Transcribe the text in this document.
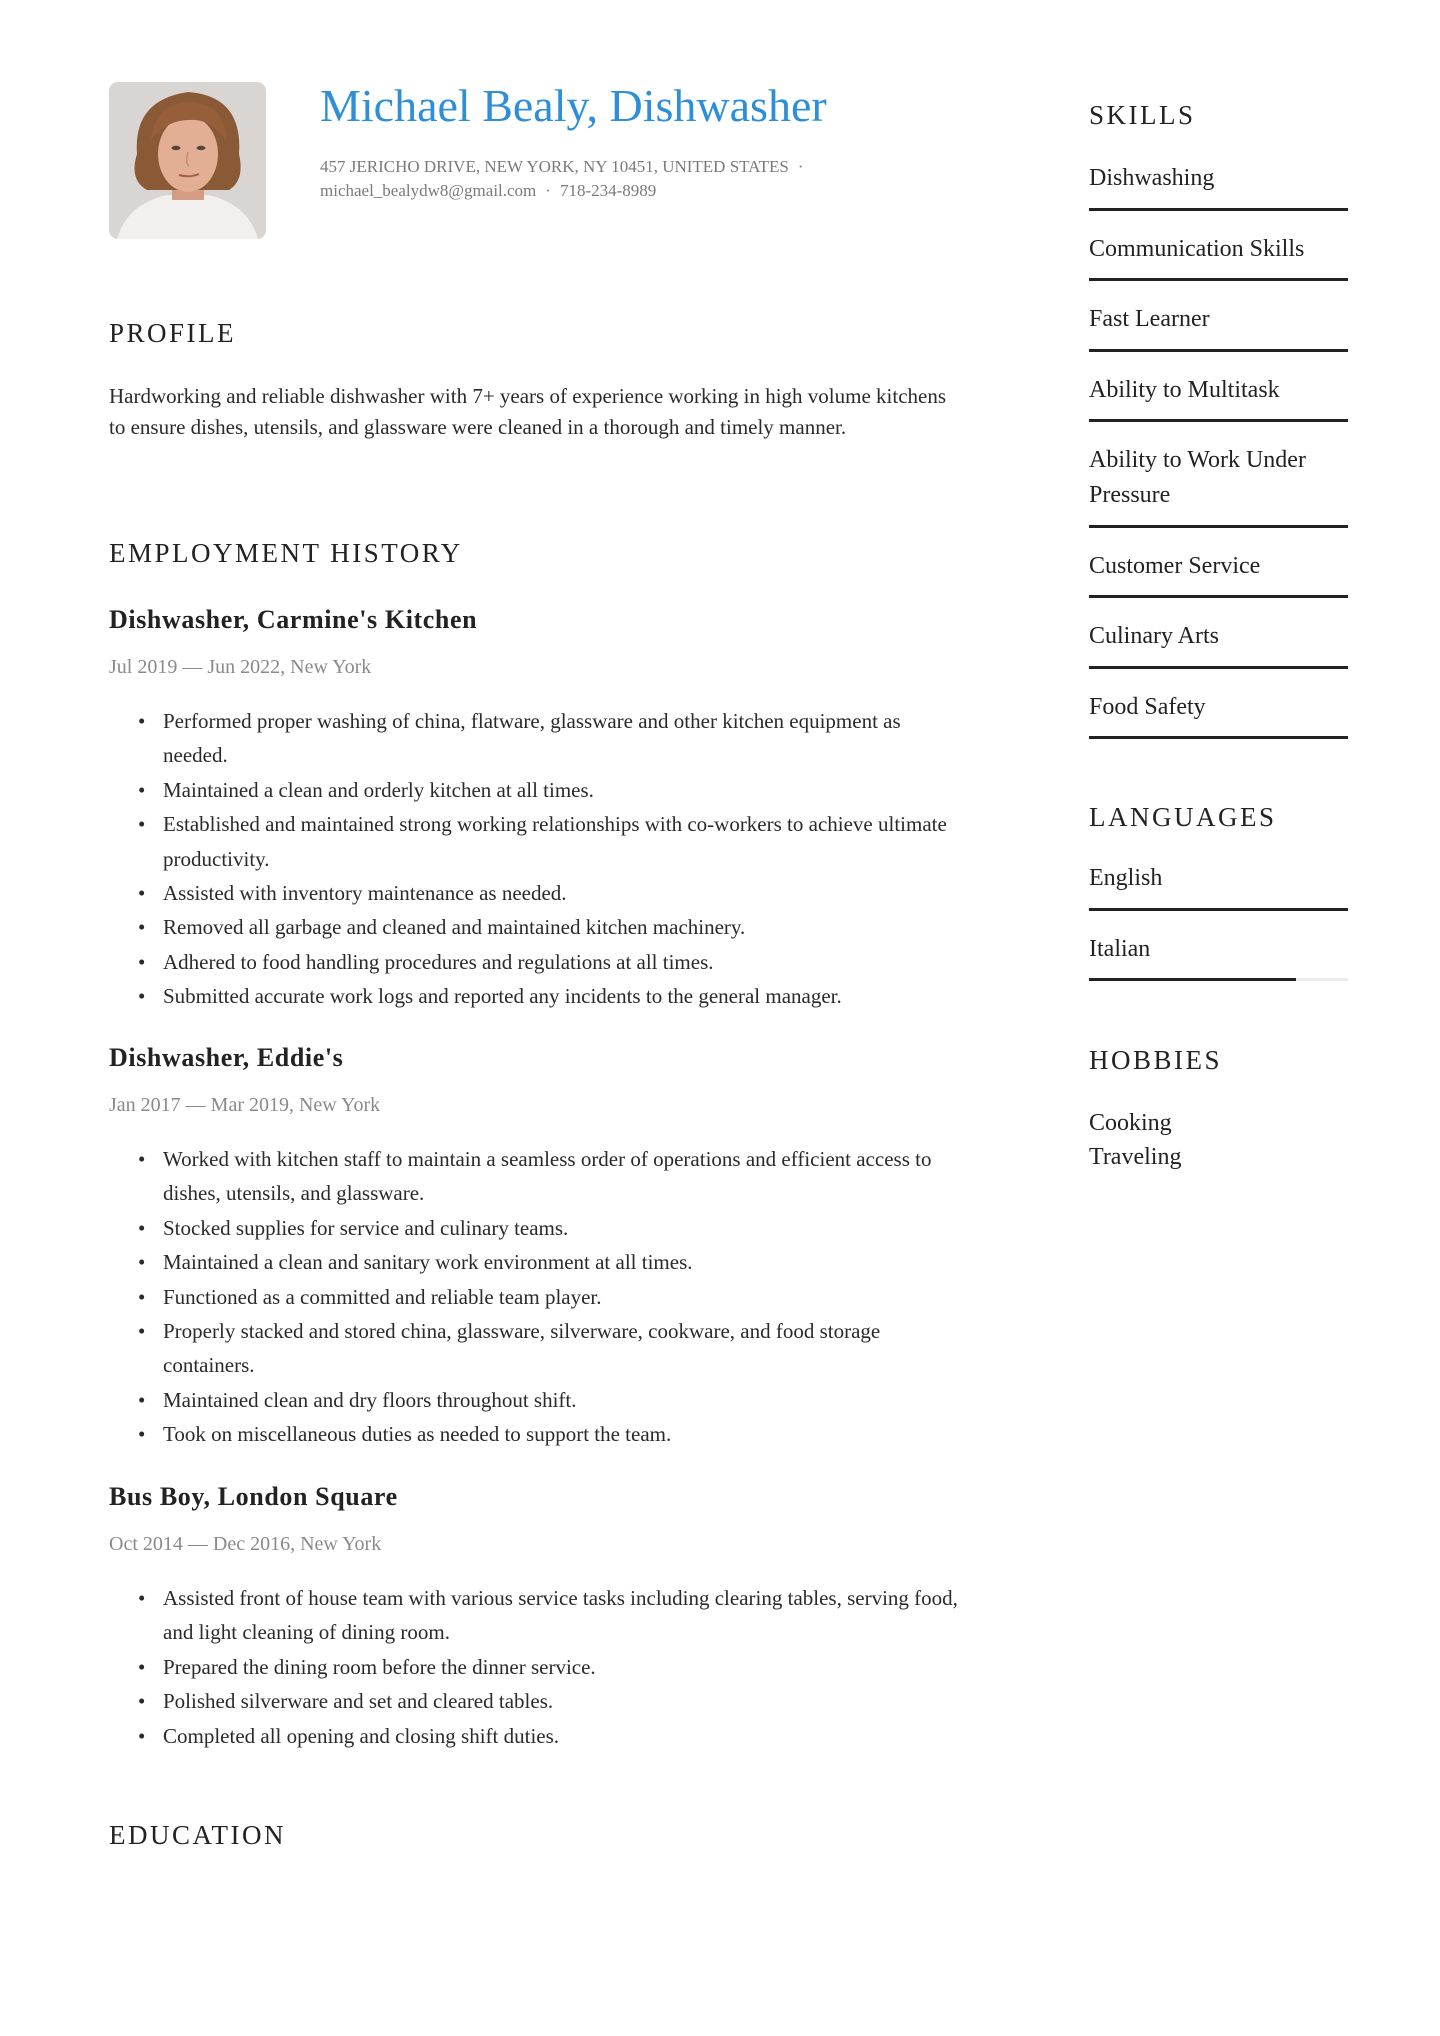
Michael Bealy, Dishwasher
457 JERICHO DRIVE, NEW YORK, NY 10451, UNITED STATES ·
michael_bealydw8@gmail.com · 718-234-8989
PROFILE

Hardworking and reliable dishwasher with 7+ years of experience working in high volume kitchens to ensure dishes, utensils, and glassware were cleaned in a thorough and timely manner.

EMPLOYMENT HISTORY
Dishwasher, Carmine's Kitchen
Jul 2019 — Jun 2022, New York
• Performed proper washing of china, flatware, glassware and other kitchen equipment as needed.
• Maintained a clean and orderly kitchen at all times.
• Established and maintained strong working relationships with co-workers to achieve ultimate productivity.
• Assisted with inventory maintenance as needed.
• Removed all garbage and cleaned and maintained kitchen machinery.
• Adhered to food handling procedures and regulations at all times.
• Submitted accurate work logs and reported any incidents to the general manager.
Dishwasher, Eddie's
Jan 2017 — Mar 2019, New York
• Worked with kitchen staff to maintain a seamless order of operations and efficient access to dishes, utensils, and glassware.
• Stocked supplies for service and culinary teams.
• Maintained a clean and sanitary work environment at all times.
• Functioned as a committed and reliable team player.
• Properly stacked and stored china, glassware, silverware, cookware, and food storage containers.
• Maintained clean and dry floors throughout shift.
• Took on miscellaneous duties as needed to support the team.
Bus Boy, London Square
Oct 2014 — Dec 2016, New York
• Assisted front of house team with various service tasks including clearing tables, serving food, and light cleaning of dining room.
• Prepared the dining room before the dinner service.
• Polished silverware and set and cleared tables.
• Completed all opening and closing shift duties.
EDUCATION
SKILLS
Dishwashing
Communication Skills
Fast Learner
Ability to Multitask
Ability to Work Under Pressure
Customer Service
Culinary Arts
Food Safety
LANGUAGES
English
Italian
HOBBIES
Cooking
Traveling
